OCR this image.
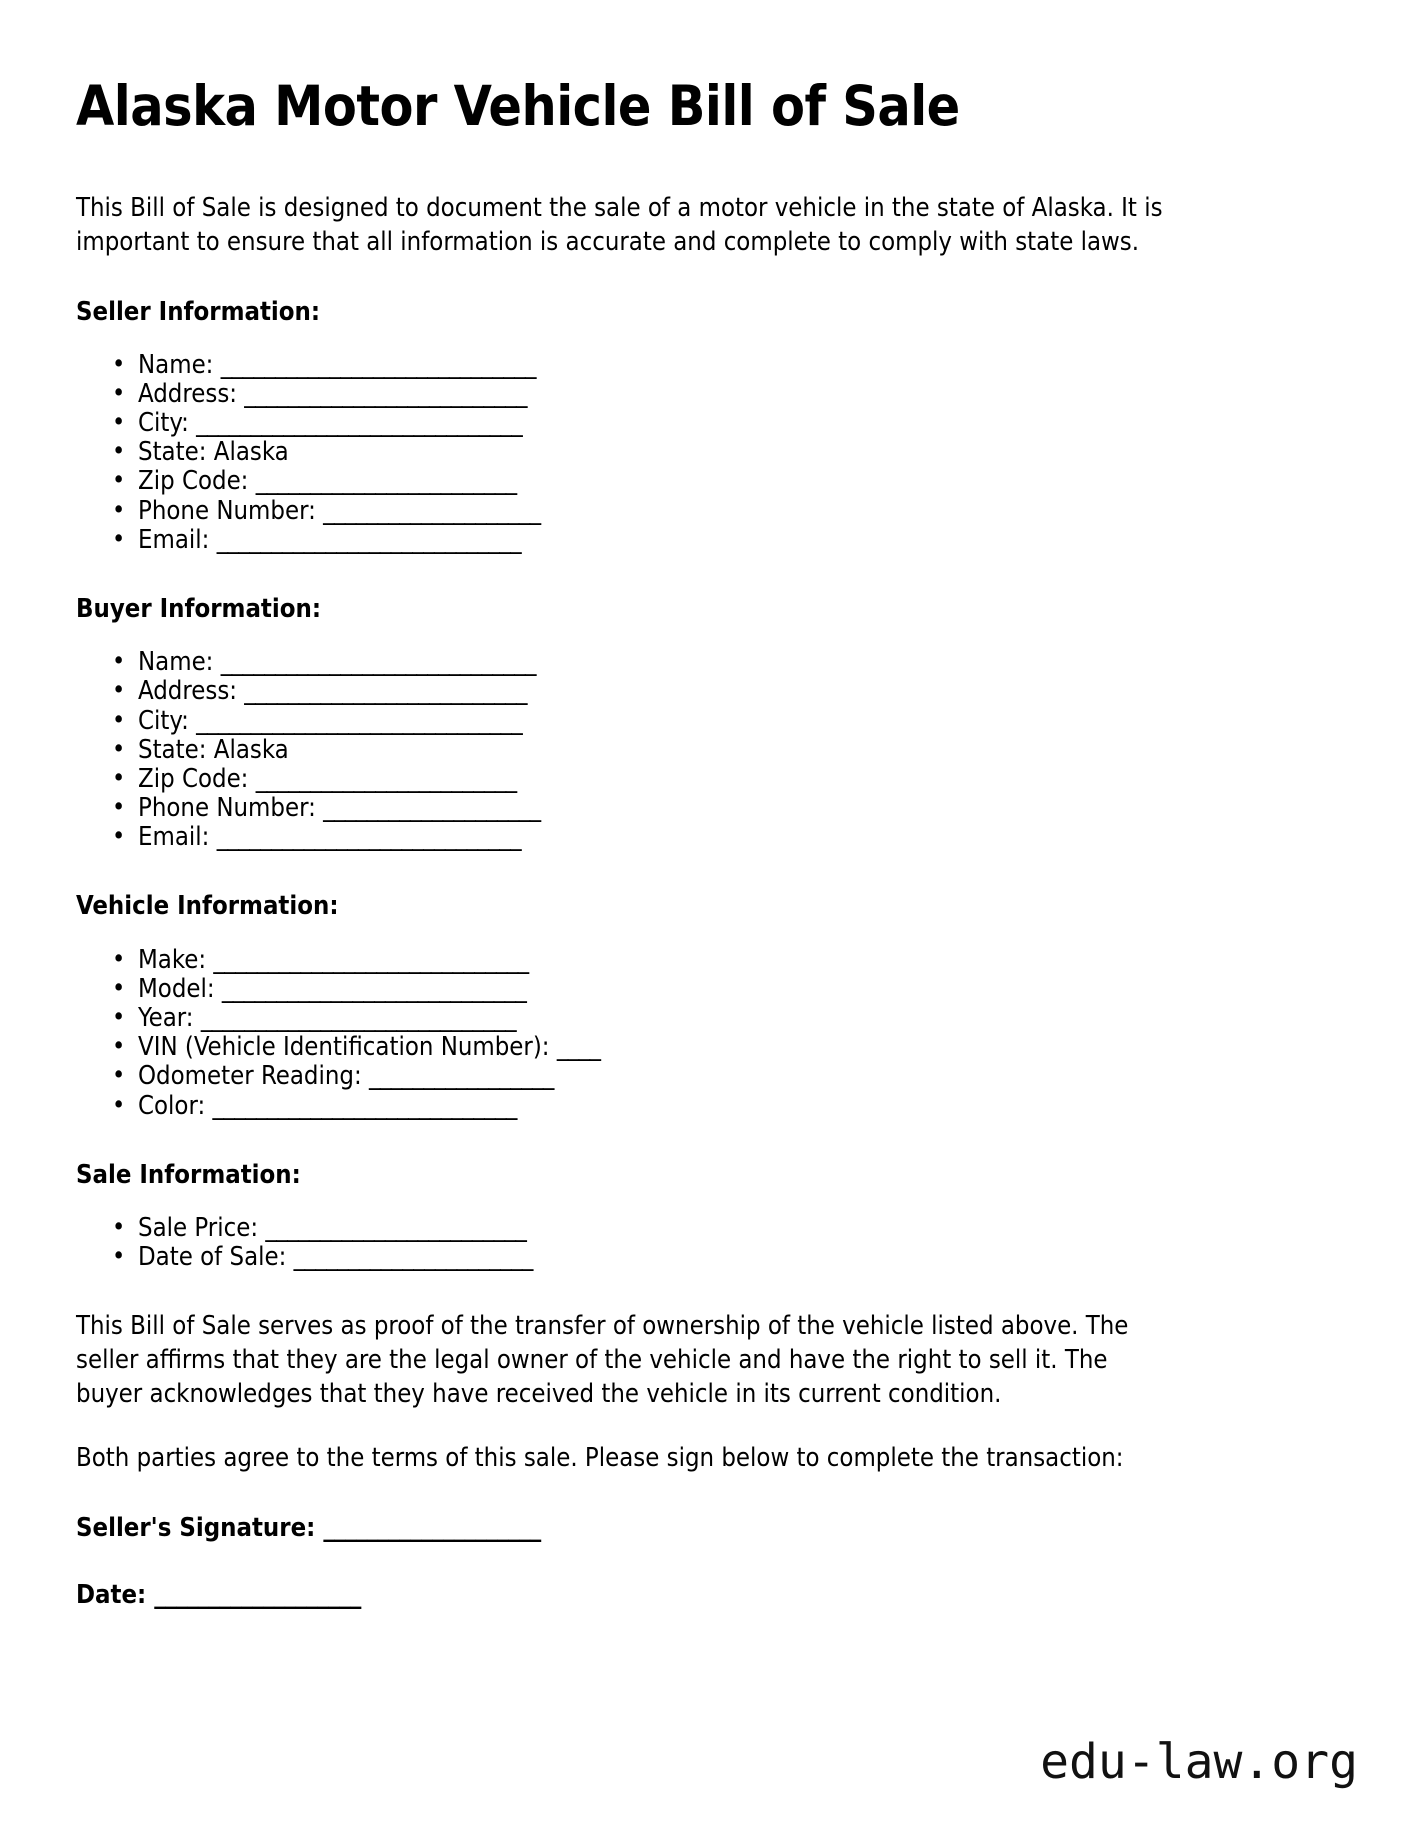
Alaska Motor Vehicle Bill of Sale

This Bill of Sale is designed to document the sale of a motor vehicle in the state of Alaska. It is important to ensure that all information is accurate and complete to comply with state laws.

Seller Information:
• Name: _____________________________
• Address: __________________________
• City: ______________________________
• State: Alaska
• Zip Code: ________________________
• Phone Number: ____________________
• Email: ____________________________
Buyer Information:
• Name: _____________________________
• Address: __________________________
• City: ______________________________
• State: Alaska
• Zip Code: ________________________
• Phone Number: ____________________
• Email: ____________________________
Vehicle Information:
• Make: _____________________________
• Model: ____________________________
• Year: _____________________________
• VIN (Vehicle Identification Number): ____
• Odometer Reading: _________________
• Color: ____________________________
Sale Information:
• Sale Price: ________________________
• Date of Sale: ______________________

This Bill of Sale serves as proof of the transfer of ownership of the vehicle listed above. The seller affirms that they are the legal owner of the vehicle and have the right to sell it. The buyer acknowledges that they have received the vehicle in its current condition.

Both parties agree to the terms of this sale. Please sign below to complete the transaction:

Seller's Signature: ____________________
Date: ___________________
edu-law.org
